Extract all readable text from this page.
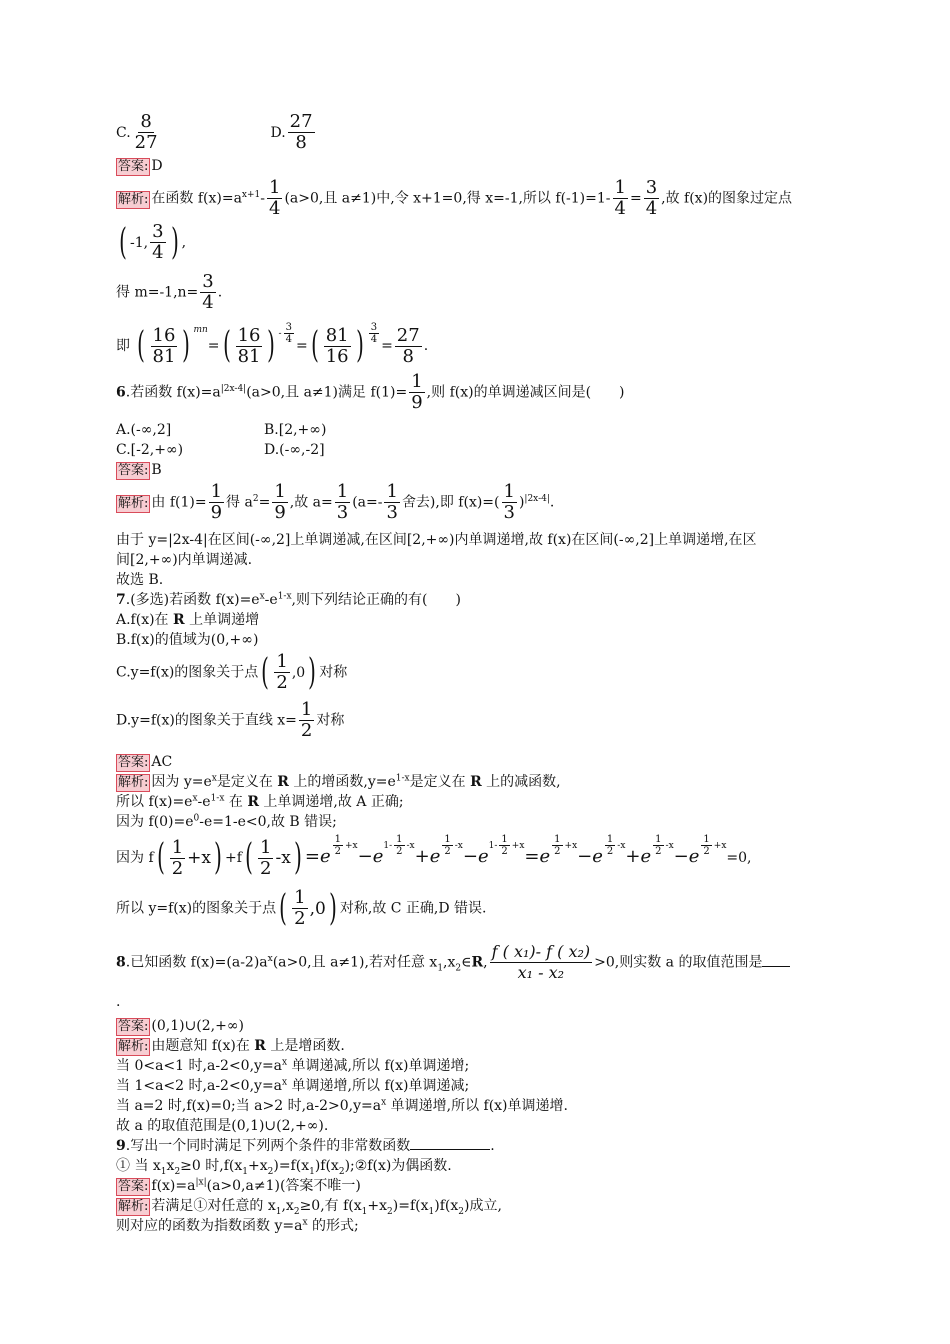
C. $\frac{8}{27}$	D. $\frac{27}{8}$
答案: D
解析: 在函数 $f(x)=a^{x+1}- \frac{1}{4} (a>0$,且 a≠1)中,令 x+1=0,得 x=-1,所以 $f(-1)=1- \frac{1}{4} = \frac{3}{4}$ ,故 f(x)的图象过定点
( -1, $\frac{3}{4}$ ) ,
得 $m=-1,n= \frac{3}{4}$ .
即 ( $\frac{16}{81}$ ) $^{mn}$= ( $\frac{16}{81}$ ) $^{- \frac{3}{4}}$
= ( $\frac{81}{16}$ ) $^{\frac{3}{4}}$
= $\frac{27}{8}$ .
6.若函数 $f(x)=a^{|2x-4|}(a>0$,且 a≠1)满足 $f(1)= \frac{1}{9}$ ,则 f(x)的单调递减区间是(　　)
A.(-∞,2]	B.[2,+∞)
C.[-2,+∞)	D.(-∞,-2]
答案: B
解析: 由 $f(1)= \frac{1}{9}$ 得 $a^2= \frac{1}{9}$ ,故 $a= \frac{1}{3} (a=- \frac{1}{3}$ 舍去),即 $f(x)=( \frac{1}{3} )^{|2x-4|}$.
由于 y=|2x-4|在区间(-∞,2]上单调递减,在区间[2,+∞)内单调递增,故 f(x)在区间(-∞,2]上单调递增,在区
间[2,+∞)内单调递减.
故选 B.
7.(多选)若函数 $f(x)=e^x-e^{1-x}$,则下列结论正确的有(　　)
A.f(x)在 R 上单调递增
B.f(x)的值域为(0,+∞)
C.y=f(x)的图象关于点 ( $\frac{1}{2} ,0$ ) 对称
D.y=f(x)的图象关于直线 $x= \frac{1}{2}$ 对称
答案: AC
解析: 因为 $y=e^x$是定义在 R 上的增函数$,y=e^{1-x}$是定义在 R 上的减函数,
所以 $f(x)=e^x-e^{1-x}$ 在 R 上单调递增,故 A 正确;
因为 $f(0)=e^0-e=1-e<0$,故 B 错误;
因为 f ( $\frac{1}{2} +x$ ) +f ( $\frac{1}{2} -x$ ) =e $^{\frac{1}{2} +x}-e^{1- \frac{1}{2} -x}+e$ $^{\frac{1}{2} -x}-e^{1- \frac{1}{2} +x}=e$ $^{\frac{1}{2} +x}$−e $^{\frac{1}{2} -x}$+e $^{\frac{1}{2} -x}$−e $^{\frac{1}{2} +x}$=0,
所以 y=f(x)的图象关于点 ( $\frac{1}{2} ,0$ ) 对称,故 C 正确,D 错误.
8.已知函数 $f(x)=(a-2)a^x(a>0$,且 a≠1),若对任意 $x_1,x_2\in R$, $\frac{\text{f ( x₁)- f ( x₂)}}{\text{x₁ - x₂}} >0$,则实数 a 的取值范围是
.
答案: (0,1)∪(2,+∞)
解析: 由题意知 f(x)在 R 上是增函数.
当 0<a<1 时$,a-2<0,y=a^x$ 单调递减,所以 f(x)单调递增;
当 1<a<2 时$,a-2<0,y=a^x$ 单调递增,所以 f(x)单调递减;
当 a=2 时,f(x)=0;当 a>2 时$,a-2>0,y=a^x$ 单调递增,所以 f(x)单调递增.
故 a 的取值范围是(0,1)∪(2,+∞).
9.写出一个同时满足下列两个条件的非常数函数	.
① 当 $x_1x_2\ge 0$ 时$,f(x_1+x_2)=f(x_1)f(x_2);②f(x)$为偶函数.
答案: $f(x)=a^{|x|}(a>0,a\ne 1)$(答案不唯一)
解析: 若满足①对任意的 $x_1,x_2\ge 0$,有 $f(x_1+x_2)=f(x_1)f(x_2)$成立,
则对应的函数为指数函数 $y=a^x$ 的形式;
